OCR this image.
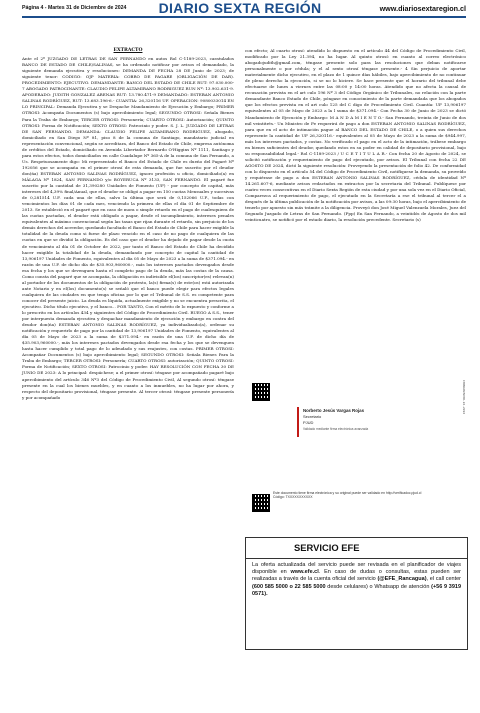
Página 4 - Martes 31 de Diciembre de 2024	DIARIO SEXTA REGIÓN	www.diariosextaregion.cl
EXTRACTO

Ante el 2º JUZGADO DE LETRAS DE SAN FERNANDO en autos Rol C-1189-2023, caratulados BANCO DE ESTADO DE CHILE/SALINAS, se ha ordenado notificar por avisos el demandado, la siguiente demanda ejecutiva y resoluciones: DEMANDA DE FECHA 28 DE Junio de 2023; de siguiente tenor: CODIGO: OJP MATERIA: COBRO DE PAGARE (OBLIGACIÓN DE DAR). PROCEDIMIENTO: EJECUTIVO. DEMANDANTE: BANCO DEL ESTADO DE CHILE RUT: 97.030.000-7 ABOGADO PATROCINANTE: CLAUDIO FELIPE ALTAMIRANO RODRIGUEZ RUN Nº: 13.902.631-9. APODERADO: JUDITH GONZALEZ ARENAS RUT: 13.780.471-9 DEMANDADO: ESTEBAN ANTONIO SALINAS RODRÍGUEZ, RUT: 13.683.196-6.- CUANTIA: 26,320116 UF. OPERACION: 9080033014 EN LO PRINCIPAL: Demanda Ejecutiva y se Despache Mandamiento de Ejecución y Embargo; PRIMER OTROSI: Acompaña Documentos (s) bajo apercibimiento legal; SEGUNDO OTROSI: Señala Bienes Para la Traba de Embargo; TERCER OTROSI: Personería; CUARTO OTROSI: Autorización; QUINTO OTROSI: Forma de Notificación; SEXTO OTROSI: Patrocinio y poder. S. J. L. JUZGADO DE LETRAS DE SAN FERNANDO. DEMANDA: CLAUDIO FELIPE ALTAMIRANO RODRIGUEZ, abogado, domiciliado en San Diego Nº 81, piso 8 de la comuna de Santiago, mandatario judicial en representación convencional, según se acreditara, del Banco del Estado de Chile, empresa autónoma de créditos del Estado, domiciliado en Avenida Libertador Bernardo O'Higgins Nº 1111, Santiago y para estos efectos, todos domiciliados en calle Cuadalupe Nº 365-A de la comuna de San Fernando, a Us. Respetuosamente digo: Mi representado el Banco del Estado de Chile es dueño del Pagaré Nº 192056 que se acompaña en el primer otrosí de esta demanda, que fue suscrito por el deudor don(ña) ESTEBAN ANTONIO SALINAS RODRÍGUEZ, ignoro profesión u oficio, domiciliado(a) en MÁLAGA Nº 1824, SAN FERNANDO y/o BOYERUCA Nº 3133, SAN FERNANDO. El pagaré fue suscrito por la cantidad de 31,390280 Unidades de Fomento (UF) - por concepto de capital, más intereses del 4,39% final/Anual, que el deudor se obligó a pagar en 150 cuotas Mensuales y sucesivas de 0,281514 U.F. cada una de ellas, salvo la última que será de 0,152066 U.F., todas con vencimientos los días 01 de cada mes, venciendo la primera de ellas el día 01 de Septiembre de 2013. Se estableció en el pagaré que en caso de mora o simple retardo en el pago de cualesquiera de las cuotas pactadas, el deudor está obligado a pagar, desde el incumplimiento, intereses penales equivalentes al máximo convencional según las tasas que rijan durante el retardo, sin perjuicio de los demás derechos del acreedor, quedando facultado el Banco del Estado de Chile para hacer exigible la totalidad de la deuda como si fuese de plazo vencido en el caso de no pago de cualquiera de las cuotas en que se dividió la obligación. Es del caso que el deudor ha dejado de pagar desde la cuota de vencimiento al día 01 de October de 2022, por tanto el Banco del Estado de Chile ha decidido hacer exigible la totalidad de la deuda, demandando por concepto de capital la cantidad de 13,906197 Unidades de Fomento, equivalentes al día 05 de Mayo de 2023 a la suma de $371.094.- en razón de una U.F. de dicho día de $35.903,960000.-, más los intereses pactados devengados desde esa fecha y los que se devenguen hasta el completo pago de la deuda, más las costas de la causa. Como consta del pagaré que se acompaña, la obligación es indivisible el(los) suscriptor(es) relevan(n) al portador de los documentos de la obligación de protesto, la(s) firma(s) de este(os) está autorizada ante Notario y en el(los) documento(s) se señaló que el banco puede elegir para efectos legales cualquiera de las ciudades en que tenga oficina por lo que el Tribunal de S.S. es competente para conocer del presente juicio. La deuda es líquida, actualmente exigible y no se encuentra prescrita, el ejecutivo. Dicho título ejecutivo, y el banco... POR TANTO, Con el mérito de lo expuesto y conforme a lo prescrito en los artículos 434 y siguientes del Código de Procedimiento Civil. RUEGO A S.S., tener por interpuesta demanda ejecutiva y despachar mandamiento de ejecución y embargo en contra del deudor don(ña) ESTEBAN ANTONIO SALINAS RODRÍGUEZ, ya individualizado(a), ordenar su notificación y requerirlo de pago por la cantidad de 13,906197 Unidades de Fomento, equivalentes al día 05 de Mayo de 2023 a la suma de $371.094.- en razón de una U.F. de dicho día de $35.903,960000.-, más los intereses pactados devengados desde esa fecha y los que se devenguen hasta hacer cumplido y total pago de lo adeudado y sus reajustes, con costas. PRIMER OTROSI: Acompañar Documentos (s) bajo apercibimiento legal; SEGUNDO OTROSI: Señala Bienes Para la Traba de Embargo; TERCER OTROSI: Personería; CUARTO OTROSI: autorización; QUINTO OTROSI: Forma de Notificación; SEXTO OTROSI: Patrocinio y poder. HAY RESOLUCIÓN CON FECHA 30 DE JUNIO DE 2023: A lo principal: despáchese; a el primer otrosí: téngase por acompañado pagaré bajo apercibimiento del artículo 346 Nº3 del Código de Procedimiento Civil, Al segundo otrosí: téngase presente en la cual los bienes muebles, y en cuanto a los inmuebles, no ha lugar por ahora, y respecto del depositario provisional, téngase presente. Al tercer otrosí: téngase presente personería y por acompañado

con efecto; Al cuarto otrosí: atendido lo dispuesto en el artículo 44 del Código de Procedimiento Civil, modificado por la Ley 21.394, no ha lugar. Al quinto otrosí: en cuanto al correo electrónico abogadojudith@gmail.com, téngase presente solo para las resoluciones que deban notificarse personalmente o por cédula; y el al sexto otrosí téngase presente.- 4 Sin perjuicio de aportar materialmente dicho ejecutivo, en el plazo de 1 quince días hábiles, bajo apercibimiento de no continuar de pleno derecho la ejecución, si se no lo hiciere. Se hace presente que el horario del tribunal debe efectuarse de lunes a viernes entre las 08:00 y 14:00 horas. Atendido que no afecta la causal de recusación prevista en el art culo 196 Nº 3 del Código Orgánico de Tribunales, no relación con la parte demandante Banco Estado de Chile, póngase en conocimiento de la parte demandada que los abogados que los efectos prevista en el art culo 125 del C digo de Procedimiento Civil. Cuantía: UF 13,906197 equivalentes al 05 de Mayo de 2023 a la l suma de $371.094.- Con Fecha 30 de Junio de 2023 se dictó Mandamiento de Ejecución y Embargo: M A N D A M I E N T O.- San Fernando, treinta de Junio de dos mil veintitrés.- Un Ministro de Fe requerirá de pago a don ESTEBAN ANTONIO SALINAS RODRÍGUEZ, para que en el acto de intimación pague al BANCO DEL ESTADO DE CHILE, o a quien sus derechos represente la cantidad de UF 26,320116.- equivalentes al 05 de Mayo de 2023 a la suma de $944.997, más los intereses pactados, y costas. No verificado el pago en el acto de la intimación, trábese embargo en bienes suficientes del deudor, quedando estos en su poder en calidad de depositario provisional, bajo su responsabilidad legal.- Rol C-1189-2023 / U C E T I T U L A R.- Con fecha 20 de Agosto de 2024, se solicitó notificación y requerimiento de pago del ejecutado, por avisos. El Tribunal con fecha 22 DE AGOSTO DE 2024, dictó la siguiente resolución: Proveyendo la presentación de folio 42. De conformidad con lo dispuesto en el artículo 54 del Código de Procedimiento Civil, notifíquese la demanda, su proveído y requiérase de pago a don ESTEBAN ANTONIO SALINAS RODRÍGUEZ, cédula de identidad Nº 14.261.607-6, mediante avisos redactados en extractos por la secretaria del Tribunal. Publíquese por cuatro veces consecutivas en el Diario Sexta Región de esta ciudad y por una sola vez en el Diario Oficial, Comparezca al requerimiento de pago, el ejecutado en la Secretaría a ese el tribunal al tercer el a después de la última publicación de la notificación por avisos, a las 09:30 horas, bajo el apercibimiento de tenerlo por apuesto sin más trámite a la diligencia. Proveyó don José Miguel Valenzuela Morales, Juez del Segundo Juzgado de Letras de San Fernando. (Fpp) En San Fernando, a veintidós de Agosto de dos mil veinticuatro, se notificó por el estado diario, la resolución precedente. Secretario (s)

CONSERVADOR-24-2024
Norberto Jesús Vargas Rojas
Secretario
PJUD
Validado mediante firma electrónica avanzada
Este documento tiene firma electrónica y su original puede ser validado en http://verificadoc.pjud.cl
Código: TXXXXXXXXXXX
SERVICIO EFE
La oferta actualizada del servicio puede ser revisada en el planificador de viajes disponible en www.efe.cl. En caso de dudas o consultas, estas pueden ser realizadas a través de la cuenta oficial del servicio (@EFE_Rancagua), el call center (600 585 5000 o 22 585 5000 desde celulares) o Whatsapp de atención (+56 9 3919 0571).
